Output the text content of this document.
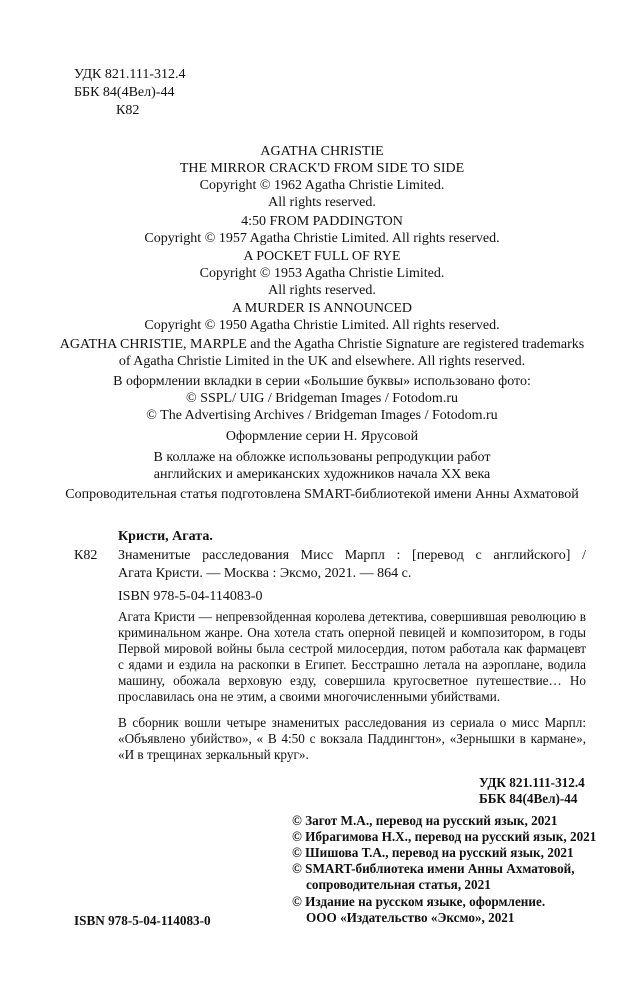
УДК 821.111-312.4
ББК 84(4Вел)-44
К82
AGATHA CHRISTIE
THE MIRROR CRACK'D FROM SIDE TO SIDE
Copyright © 1962 Agatha Christie Limited.
All rights reserved.
4:50 FROM PADDINGTON
Copyright © 1957 Agatha Christie Limited. All rights reserved.
A POCKET FULL OF RYE
Copyright © 1953 Agatha Christie Limited.
All rights reserved.
A MURDER IS ANNOUNCED
Copyright © 1950 Agatha Christie Limited. All rights reserved.
AGATHA CHRISTIE, MARPLE and the Agatha Christie Signature are registered trademarks
of Agatha Christie Limited in the UK and elsewhere. All rights reserved.
В оформлении вкладки в серии «Большие буквы» использовано фото:
© SSPL/ UIG / Bridgeman Images / Fotodom.ru
© The Advertising Archives / Bridgeman Images / Fotodom.ru
Оформление серии Н. Ярусовой
В коллаже на обложке использованы репродукции работ
английских и американских художников начала XX века
Сопроводительная статья подготовлена SMART-библиотекой имени Анны Ахматовой
Кристи, Агата.
К82 Знаменитые расследования Мисс Марпл : [перевод с английского] /
Агата Кристи. — Москва : Эксмо, 2021. — 864 с.
ISBN 978-5-04-114083-0
Агата Кристи — непревзойденная королева детектива, совершившая революцию в криминальном жанре. Она хотела стать оперной певицей и композитором, в годы Первой мировой войны была сестрой милосердия, потом работала как фармацевт с ядами и ездила на раскопки в Египет. Бесстрашно летала на аэроплане, водила машину, обожала верховую езду, совершила кругосветное путешествие… Но прославилась она не этим, а своими многочисленными убийствами.
В сборник вошли четыре знаменитых расследования из сериала о мисс Марпл: «Объявлено убийство», « В 4:50 с вокзала Паддингтон», «Зернышки в кармане», «И в трещинах зеркальный круг».
УДК 821.111-312.4
ББК 84(4Вел)-44
ISBN 978-5-04-114083-0
© Загот М.А., перевод на русский язык, 2021
© Ибрагимова Н.Х., перевод на русский язык, 2021
© Шишова Т.А., перевод на русский язык, 2021
© SMART-библиотека имени Анны Ахматовой,
сопроводительная статья, 2021
© Издание на русском языке, оформление.
ООО «Издательство «Эксмо», 2021
